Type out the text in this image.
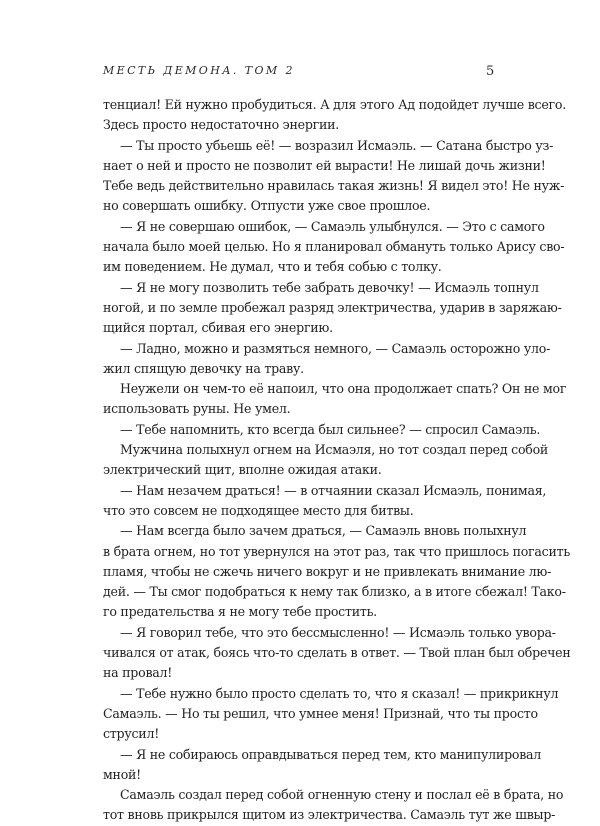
МЕСТЬ ДЕМОНА. ТОМ 2	5
тенциал! Ей нужно пробудиться. А для этого Ад подойдет лучше всего.
Здесь просто недостаточно энергии.
— Ты просто убьешь её! — возразил Исмаэль. — Сатана быстро уз-
нает о ней и просто не позволит ей вырасти! Не лишай дочь жизни!
Тебе ведь действительно нравилась такая жизнь! Я видел это! Не нуж-
но совершать ошибку. Отпусти уже свое прошлое.
— Я не совершаю ошибок, — Самаэль улыбнулся. — Это с самого
начала было моей целью. Но я планировал обмануть только Арису сво-
им поведением. Не думал, что и тебя собью с толку.
— Я не могу позволить тебе забрать девочку! — Исмаэль топнул
ногой, и по земле пробежал разряд электричества, ударив в заряжаю-
щийся портал, сбивая его энергию.
— Ладно, можно и размяться немного, — Самаэль осторожно уло-
жил спящую девочку на траву.
Неужели он чем-то её напоил, что она продолжает спать? Он не мог
использовать руны. Не умел.
— Тебе напомнить, кто всегда был сильнее? — спросил Самаэль.
Мужчина полыхнул огнем на Исмаэля, но тот создал перед собой
электрический щит, вполне ожидая атаки.
— Нам незачем драться! — в отчаянии сказал Исмаэль, понимая,
что это совсем не подходящее место для битвы.
— Нам всегда было зачем драться, — Самаэль вновь полыхнул
в брата огнем, но тот увернулся на этот раз, так что пришлось погасить
пламя, чтобы не сжечь ничего вокруг и не привлекать внимание лю-
дей. — Ты смог подобраться к нему так близко, а в итоге сбежал! Тако-
го предательства я не могу тебе простить.
— Я говорил тебе, что это бессмысленно! — Исмаэль только увора-
чивался от атак, боясь что-то сделать в ответ. — Твой план был обречен
на провал!
— Тебе нужно было просто сделать то, что я сказал! — прикрикнул
Самаэль. — Но ты решил, что умнее меня! Признай, что ты просто
струсил!
— Я не собираюсь оправдываться перед тем, кто манипулировал
мной!
Самаэль создал перед собой огненную стену и послал её в брата, но
тот вновь прикрылся щитом из электричества. Самаэль тут же швыр-
